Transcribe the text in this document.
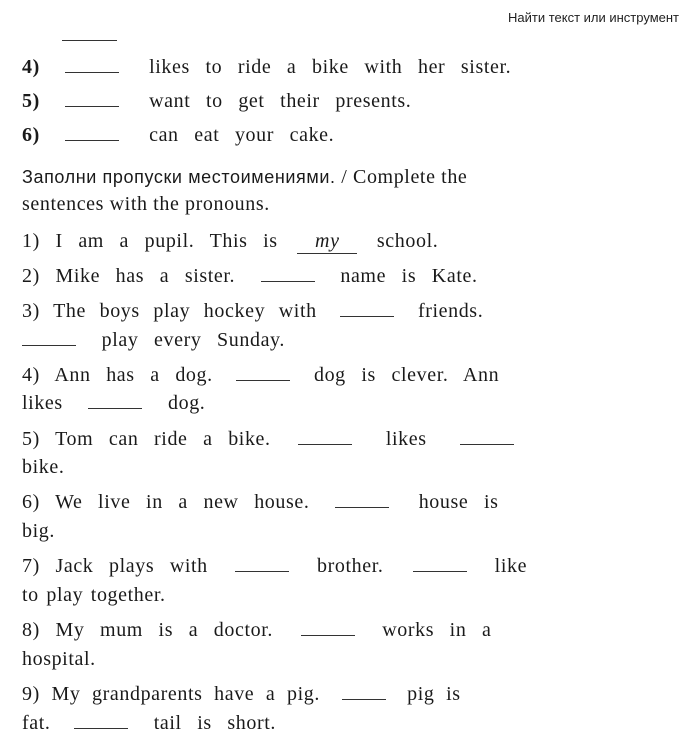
Найти текст или инструмент
4)	likes to ride a bike with her sister.
5)	want to get their presents.
6)	can eat your cake.
Заполни пропуски местоимениями. / Complete the
sentences with the pronouns.
1) I am a pupil. This is my school.
2) Mike has a sister.	name is Kate.
3) The boys play hockey with	friends.
play every Sunday.
4) Ann has a dog.	dog is clever. Ann
likes	dog.
5) Tom can ride a bike.	likes
bike.
6) We live in a new house.	house is
big.
7) Jack plays with	brother.	like
to play together.
8) My mum is a doctor.	works in a
hospital.
9) My grandparents have a pig.	pig is
fat.	tail is short.
